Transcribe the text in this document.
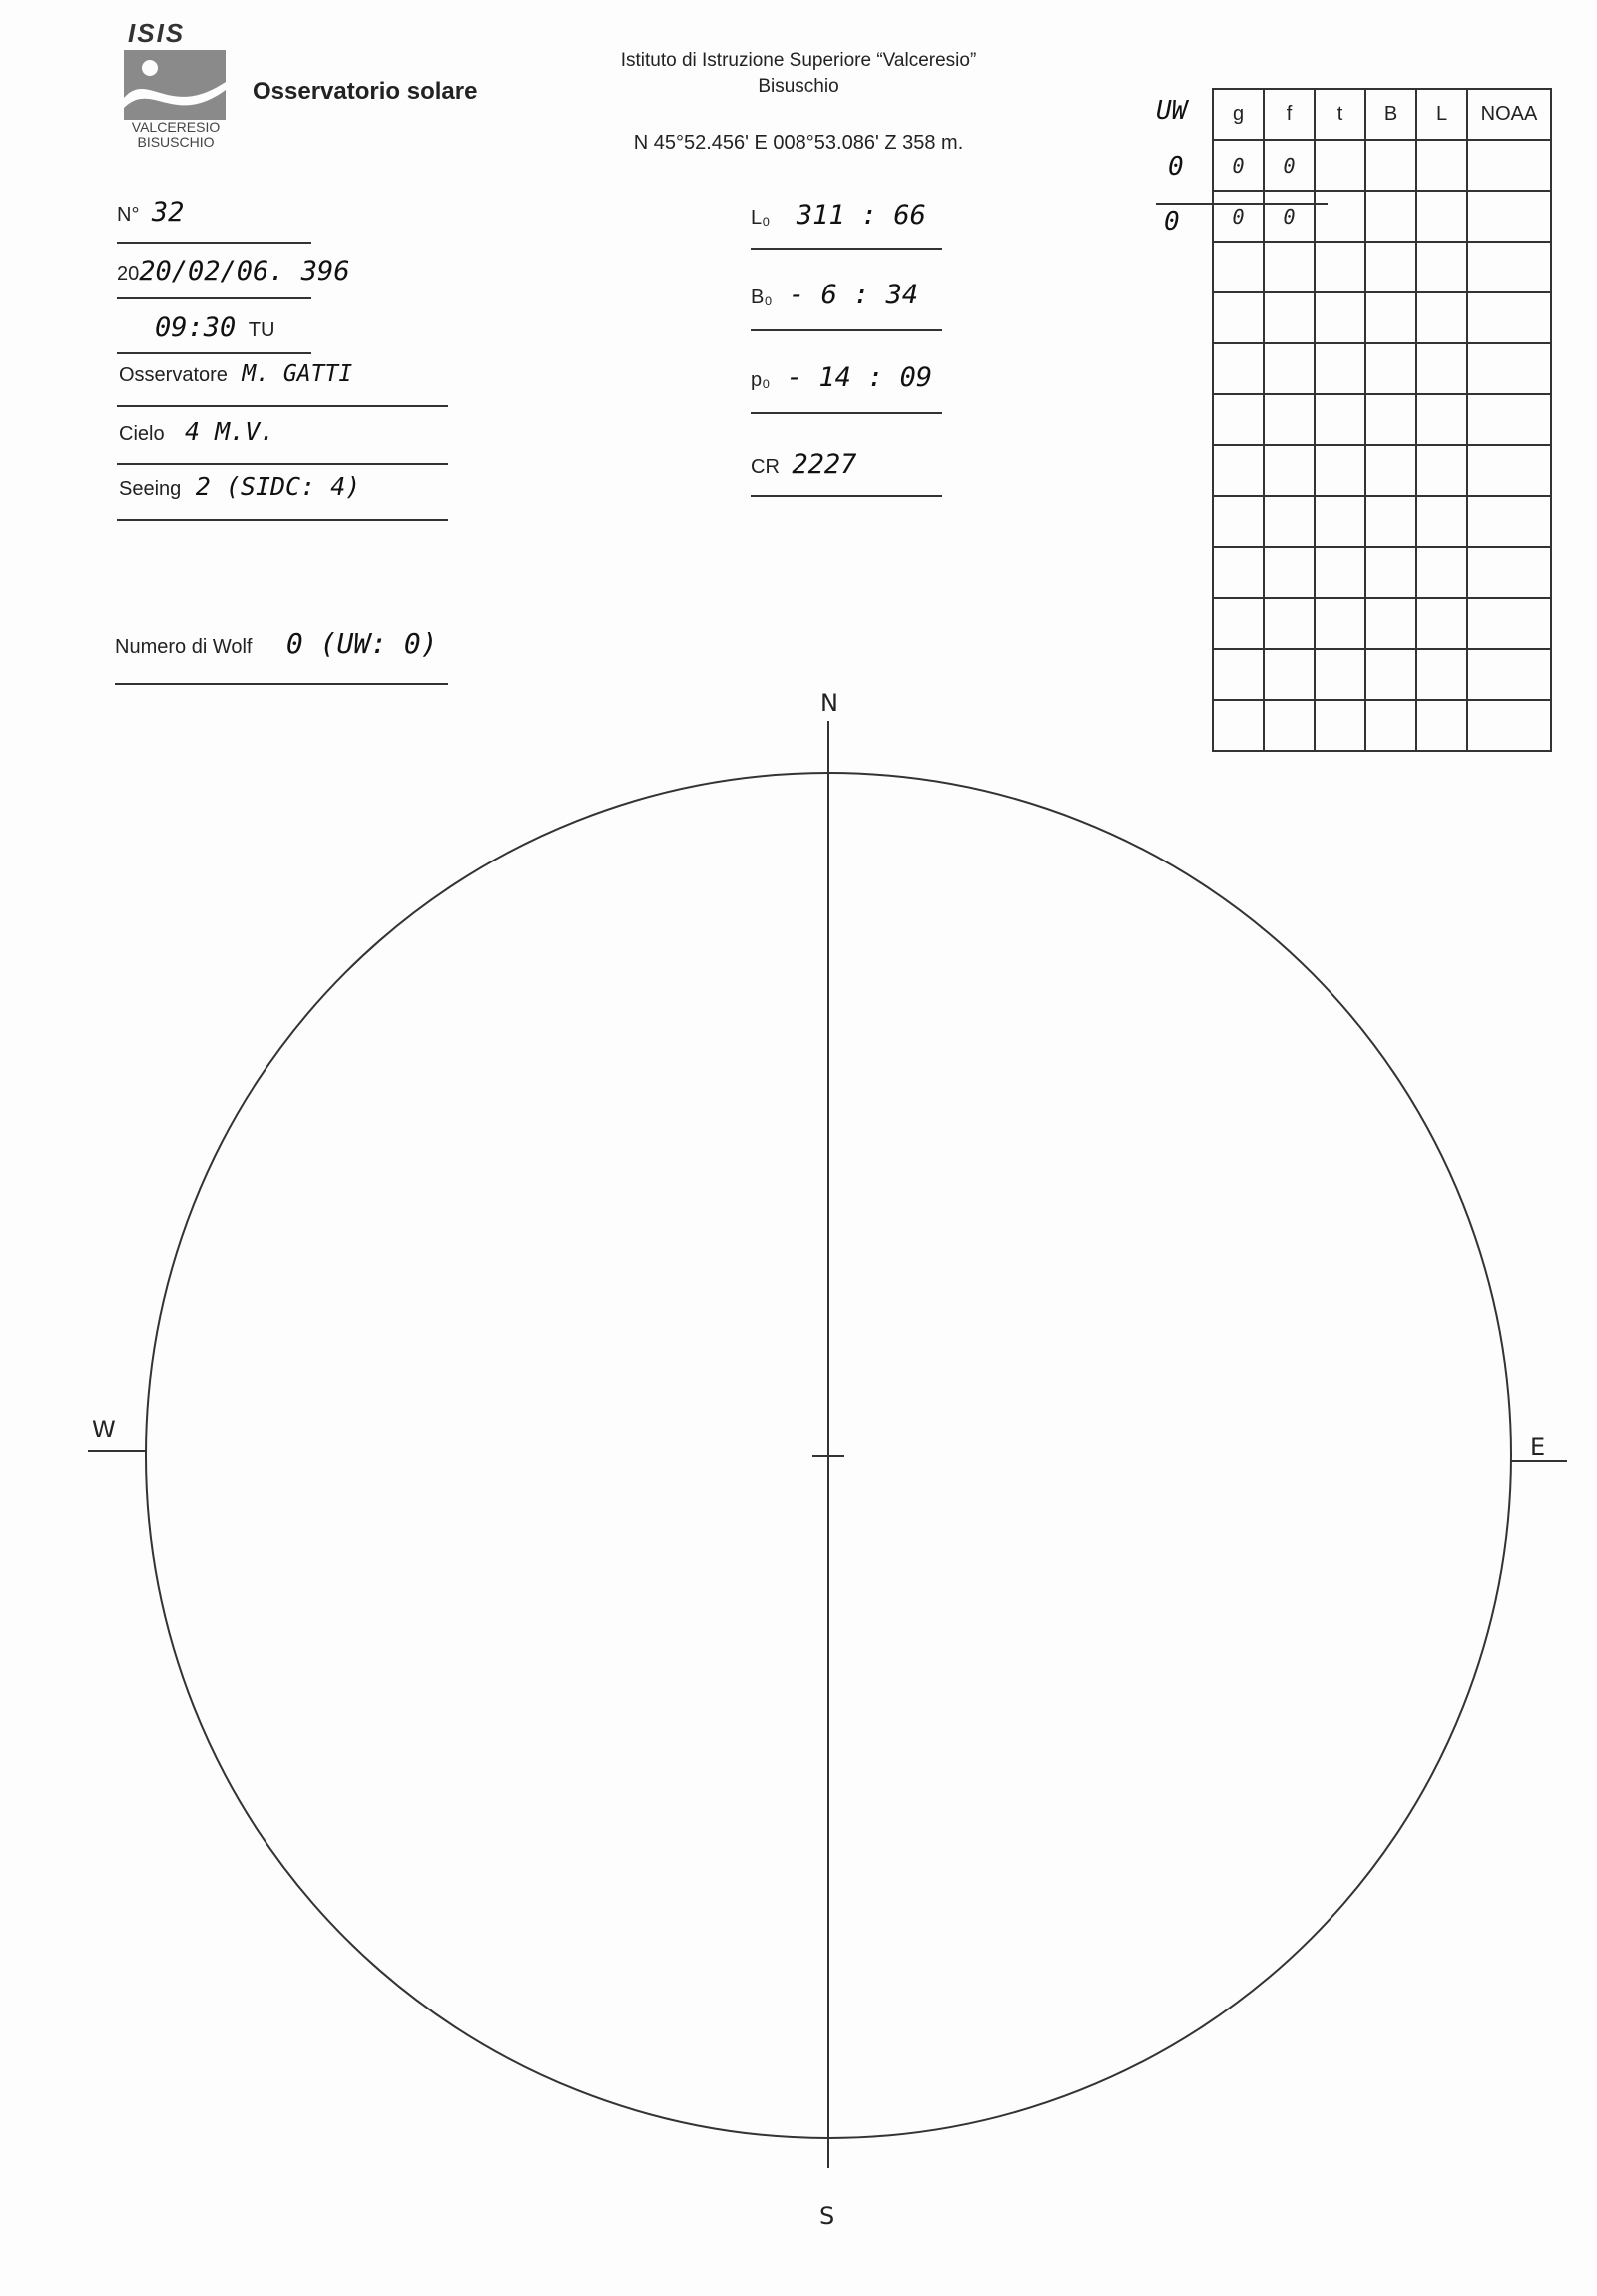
ISIS
VALCERESIO
BISUSCHIO
Osservatorio solare
Istituto di Istruzione Superiore “Valceresio”
Bisuschio
N 45°52.456' E 008°53.086' Z 358 m.
N° 32
2020/02/06. 396
09:30 TU
Osservatore M. GATTI
Cielo 4 M.V.
Seeing 2 (SIDC: 4)
Numero di Wolf 0 (UW: 0)
L₀ 311 : 66
B₀ - 6 : 34
p₀ - 14 : 09
CR 2227
UW
0
0
g	f	t	B	L	NOAA
0	0				
0	0				

N
S
W
E
